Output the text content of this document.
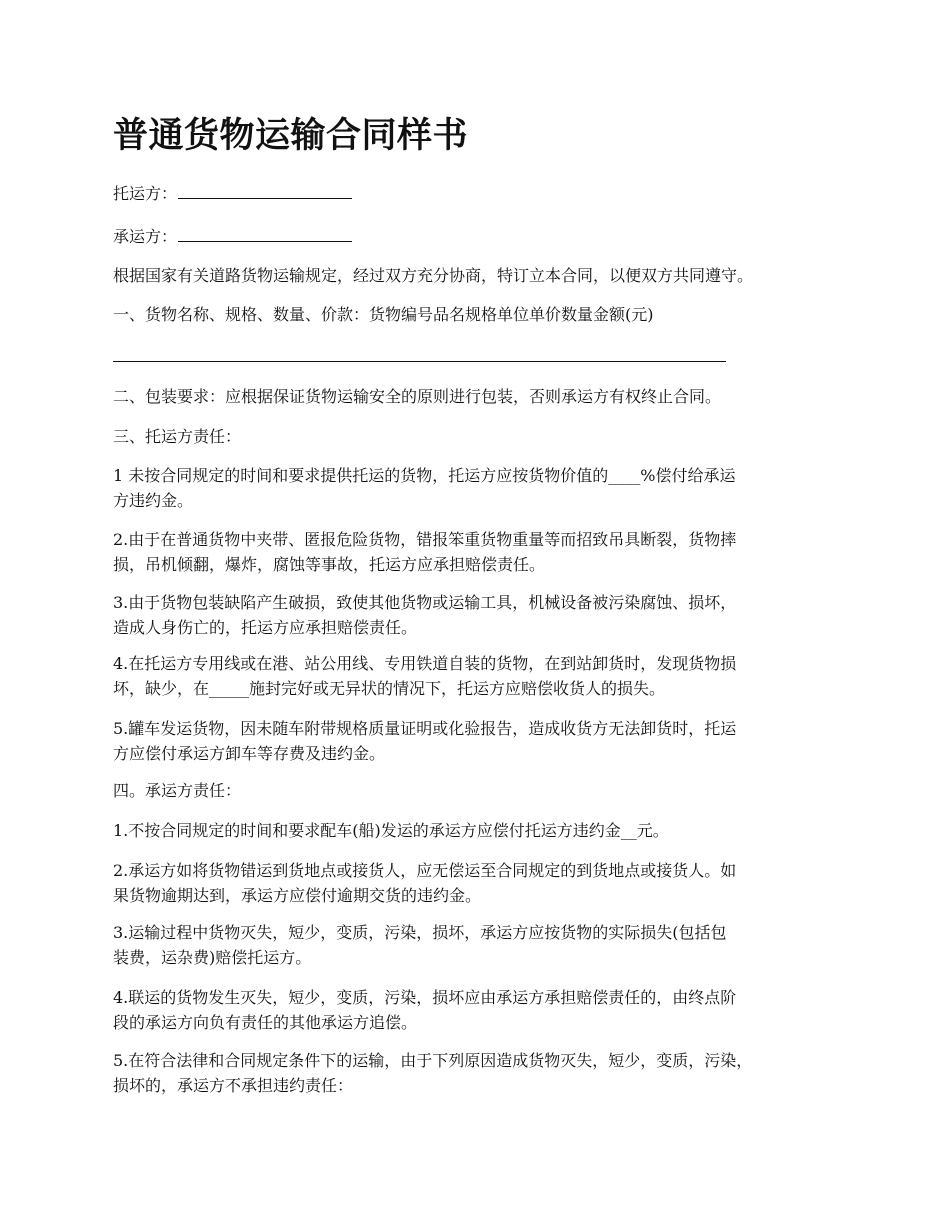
普通货物运输合同样书

托运方：

承运方：

根据国家有关道路货物运输规定，经过双方充分协商，特订立本合同，以便双方共同遵守。

一、货物名称、规格、数量、价款：货物编号品名规格单位单价数量金额(元)

二、包装要求：应根据保证货物运输安全的原则进行包装，否则承运方有权终止合同。

三、托运方责任：

1 未按合同规定的时间和要求提供托运的货物，托运方应按货物价值的____%偿付给承运
方违约金。

2.由于在普通货物中夹带、匿报危险货物，错报笨重货物重量等而招致吊具断裂，货物摔
损，吊机倾翻，爆炸，腐蚀等事故，托运方应承担赔偿责任。

3.由于货物包装缺陷产生破损，致使其他货物或运输工具，机械设备被污染腐蚀、损坏，
造成人身伤亡的，托运方应承担赔偿责任。

4.在托运方专用线或在港、站公用线、专用铁道自装的货物，在到站卸货时，发现货物损
坏，缺少，在_____施封完好或无异状的情况下，托运方应赔偿收货人的损失。

5.罐车发运货物，因未随车附带规格质量证明或化验报告，造成收货方无法卸货时，托运
方应偿付承运方卸车等存费及违约金。

四。承运方责任：

1.不按合同规定的时间和要求配车(船)发运的承运方应偿付托运方违约金__元。

2.承运方如将货物错运到货地点或接货人，应无偿运至合同规定的到货地点或接货人。如
果货物逾期达到，承运方应偿付逾期交货的违约金。

3.运输过程中货物灭失，短少，变质，污染，损坏，承运方应按货物的实际损失(包括包
装费，运杂费)赔偿托运方。

4.联运的货物发生灭失，短少，变质，污染，损坏应由承运方承担赔偿责任的，由终点阶
段的承运方向负有责任的其他承运方追偿。

5.在符合法律和合同规定条件下的运输，由于下列原因造成货物灭失，短少，变质，污染，
损坏的，承运方不承担违约责任：
